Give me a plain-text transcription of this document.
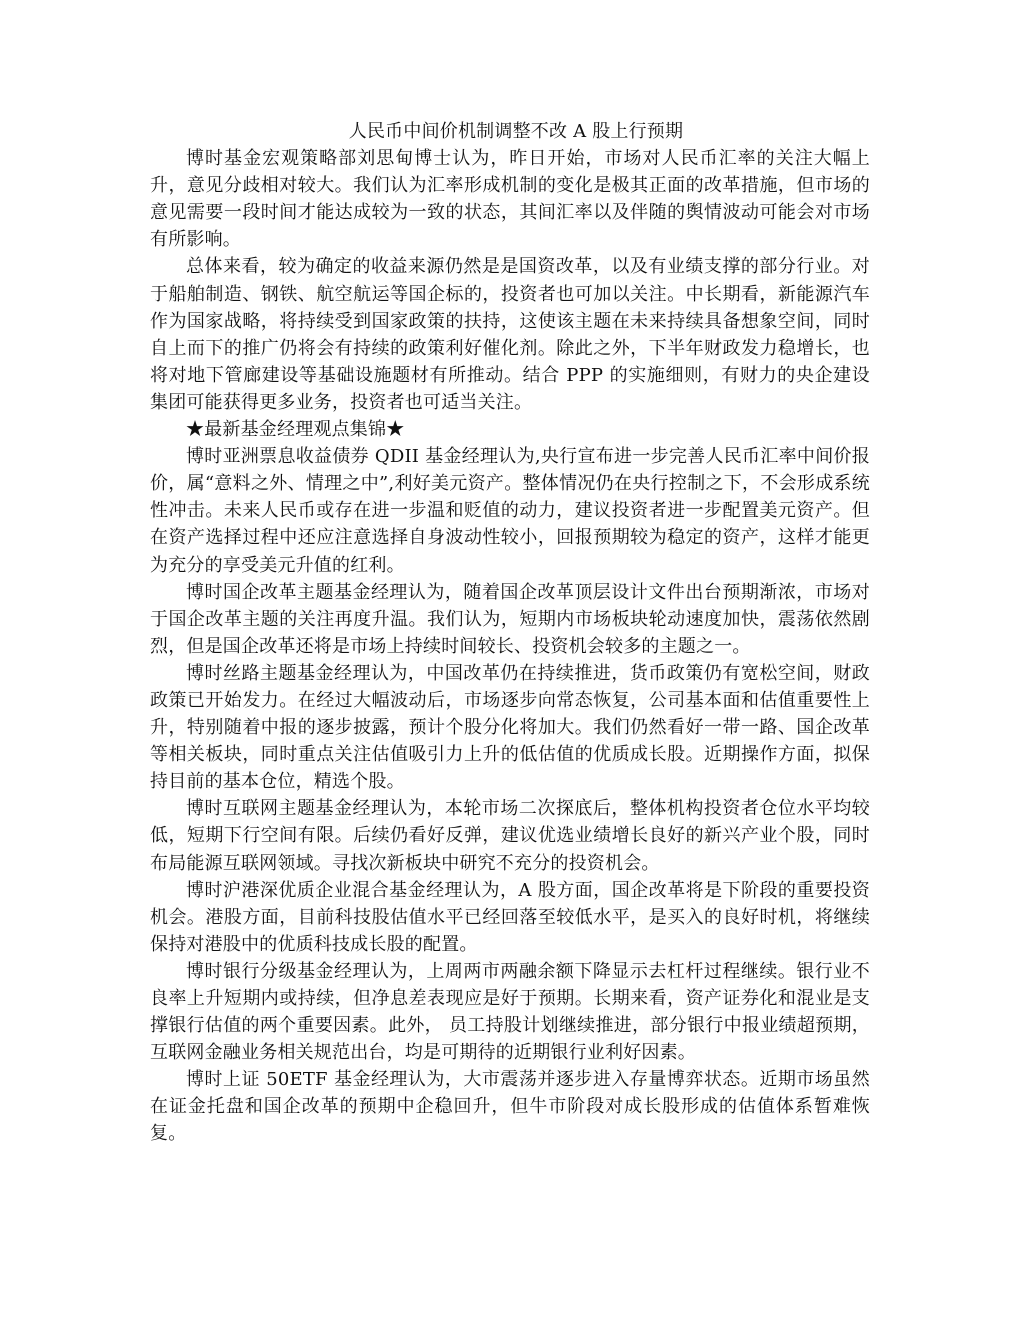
人民币中间价机制调整不改 A 股上行预期

博时基金宏观策略部刘思甸博士认为，昨日开始，市场对人民币汇率的关注大幅上升，意见分歧相对较大。我们认为汇率形成机制的变化是极其正面的改革措施，但市场的意见需要一段时间才能达成较为一致的状态，其间汇率以及伴随的舆情波动可能会对市场有所影响。

总体来看，较为确定的收益来源仍然是是国资改革，以及有业绩支撑的部分行业。对于船舶制造、钢铁、航空航运等国企标的，投资者也可加以关注。中长期看，新能源汽车作为国家战略，将持续受到国家政策的扶持，这使该主题在未来持续具备想象空间，同时自上而下的推广仍将会有持续的政策利好催化剂。除此之外，下半年财政发力稳增长，也将对地下管廊建设等基础设施题材有所推动。结合 PPP 的实施细则，有财力的央企建设集团可能获得更多业务，投资者也可适当关注。

★最新基金经理观点集锦★

博时亚洲票息收益债券 QDII 基金经理认为,央行宣布进一步完善人民币汇率中间价报价，属“意料之外、情理之中”,利好美元资产。整体情况仍在央行控制之下，不会形成系统性冲击。未来人民币或存在进一步温和贬值的动力，建议投资者进一步配置美元资产。但在资产选择过程中还应注意选择自身波动性较小，回报预期较为稳定的资产，这样才能更为充分的享受美元升值的红利。

博时国企改革主题基金经理认为，随着国企改革顶层设计文件出台预期渐浓，市场对于国企改革主题的关注再度升温。我们认为，短期内市场板块轮动速度加快，震荡依然剧烈，但是国企改革还将是市场上持续时间较长、投资机会较多的主题之一。

博时丝路主题基金经理认为，中国改革仍在持续推进，货币政策仍有宽松空间，财政政策已开始发力。在经过大幅波动后，市场逐步向常态恢复，公司基本面和估值重要性上升，特别随着中报的逐步披露，预计个股分化将加大。我们仍然看好一带一路、国企改革等相关板块，同时重点关注估值吸引力上升的低估值的优质成长股。近期操作方面，拟保持目前的基本仓位，精选个股。

博时互联网主题基金经理认为，本轮市场二次探底后，整体机构投资者仓位水平均较低，短期下行空间有限。后续仍看好反弹，建议优选业绩增长良好的新兴产业个股，同时布局能源互联网领域。寻找次新板块中研究不充分的投资机会。

博时沪港深优质企业混合基金经理认为，A 股方面，国企改革将是下阶段的重要投资机会。港股方面，目前科技股估值水平已经回落至较低水平，是买入的良好时机，将继续保持对港股中的优质科技成长股的配置。

博时银行分级基金经理认为，上周两市两融余额下降显示去杠杆过程继续。银行业不良率上升短期内或持续，但净息差表现应是好于预期。长期来看，资产证券化和混业是支撑银行估值的两个重要因素。此外， 员工持股计划继续推进，部分银行中报业绩超预期，互联网金融业务相关规范出台，均是可期待的近期银行业利好因素。

博时上证 50ETF 基金经理认为，大市震荡并逐步进入存量博弈状态。近期市场虽然在证金托盘和国企改革的预期中企稳回升，但牛市阶段对成长股形成的估值体系暂难恢复。
